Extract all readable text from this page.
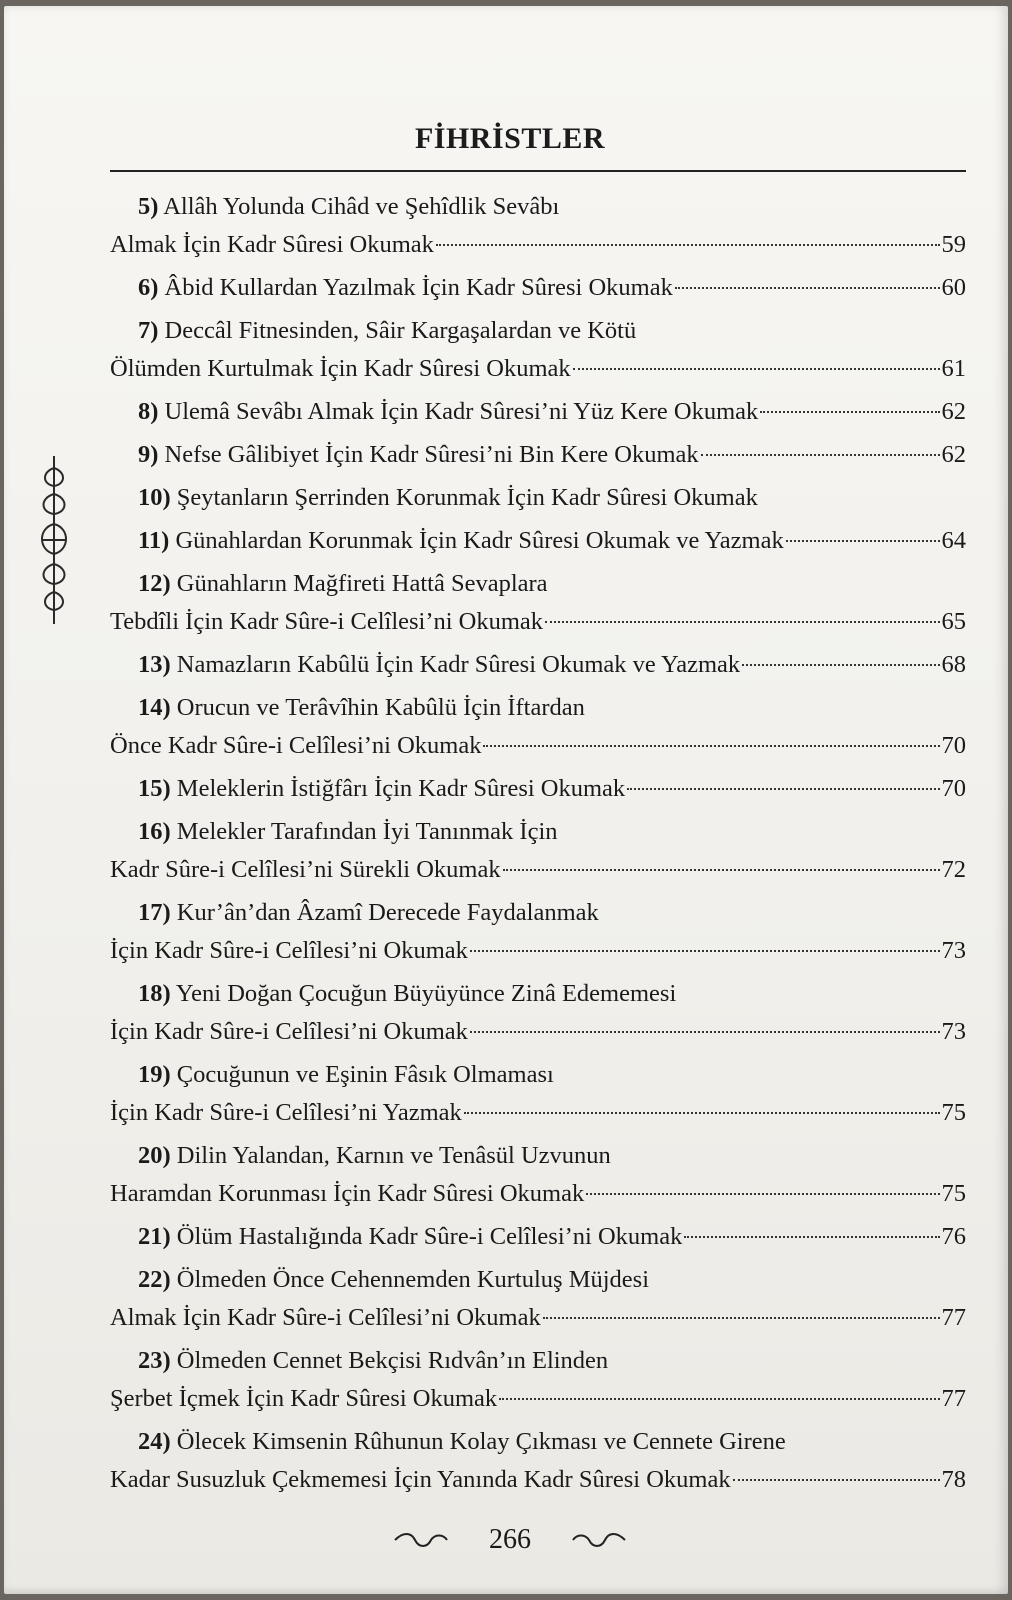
FİHRİSTLER
5) Allâh Yolunda Cihâd ve Şehîdlik Sevâbı
Almak İçin Kadr Sûresi Okumak	59
6) Âbid Kullardan Yazılmak İçin Kadr Sûresi Okumak	60
7) Deccâl Fitnesinden, Sâir Kargaşalardan ve Kötü
Ölümden Kurtulmak İçin Kadr Sûresi Okumak	61
8) Ulemâ Sevâbı Almak İçin Kadr Sûresi’ni Yüz Kere Okumak	62
9) Nefse Gâlibiyet İçin Kadr Sûresi’ni Bin Kere Okumak	62
10) Şeytanların Şerrinden Korunmak İçin Kadr Sûresi Okumak
11) Günahlardan Korunmak İçin Kadr Sûresi Okumak ve Yazmak	64
12) Günahların Mağfireti Hattâ Sevaplara
Tebdîli İçin Kadr Sûre-i Celîlesi’ni Okumak	65
13) Namazların Kabûlü İçin Kadr Sûresi Okumak ve Yazmak	68
14) Orucun ve Terâvîhin Kabûlü İçin İftardan
Önce Kadr Sûre-i Celîlesi’ni Okumak	70
15) Meleklerin İstiğfârı İçin Kadr Sûresi Okumak	70
16) Melekler Tarafından İyi Tanınmak İçin
Kadr Sûre-i Celîlesi’ni Sürekli Okumak	72
17) Kur’ân’dan Âzamî Derecede Faydalanmak
İçin Kadr Sûre-i Celîlesi’ni Okumak	73
18) Yeni Doğan Çocuğun Büyüyünce Zinâ Edememesi
İçin Kadr Sûre-i Celîlesi’ni Okumak	73
19) Çocuğunun ve Eşinin Fâsık Olmaması
İçin Kadr Sûre-i Celîlesi’ni Yazmak	75
20) Dilin Yalandan, Karnın ve Tenâsül Uzvunun
Haramdan Korunması İçin Kadr Sûresi Okumak	75
21) Ölüm Hastalığında Kadr Sûre-i Celîlesi’ni Okumak	76
22) Ölmeden Önce Cehennemden Kurtuluş Müjdesi
Almak İçin Kadr Sûre-i Celîlesi’ni Okumak	77
23) Ölmeden Cennet Bekçisi Rıdvân’ın Elinden
Şerbet İçmek İçin Kadr Sûresi Okumak	77
24) Ölecek Kimsenin Rûhunun Kolay Çıkması ve Cennete Girene
Kadar Susuzluk Çekmemesi İçin Yanında Kadr Sûresi Okumak	78
266
